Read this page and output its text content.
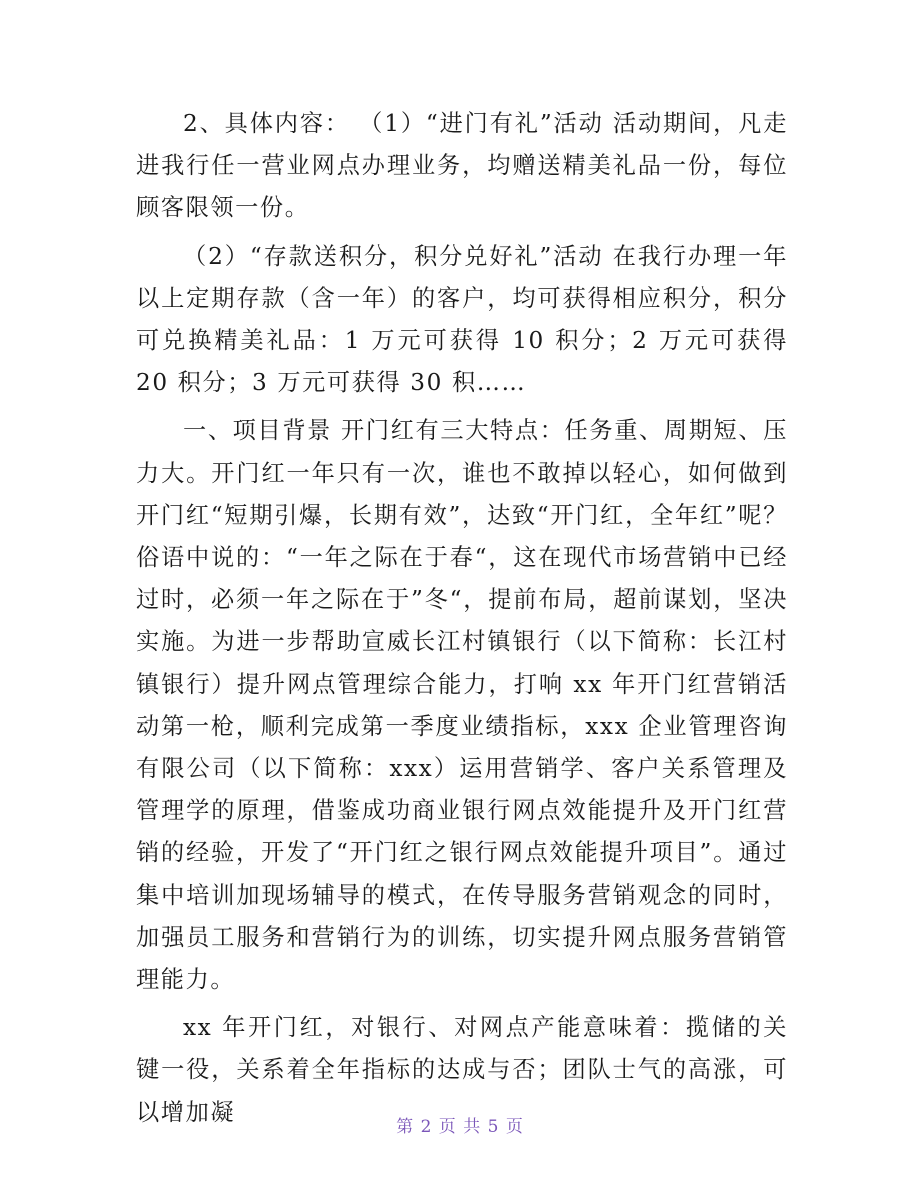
2、具体内容： （1）“进门有礼”活动 活动期间，凡走进我行任一营业网点办理业务，均赠送精美礼品一份，每位顾客限领一份。

（2）“存款送积分，积分兑好礼”活动 在我行办理一年以上定期存款（含一年）的客户，均可获得相应积分，积分可兑换精美礼品：1 万元可获得 10 积分；2 万元可获得 20 积分；3 万元可获得 30 积……

一、项目背景 开门红有三大特点：任务重、周期短、压力大。开门红一年只有一次，谁也不敢掉以轻心，如何做到开门红“短期引爆，长期有效”，达致“开门红，全年红”呢？俗语中说的：“一年之际在于春“，这在现代市场营销中已经过时，必须一年之际在于”冬“，提前布局，超前谋划，坚决实施。为进一步帮助宣威长江村镇银行（以下简称：长江村镇银行）提升网点管理综合能力，打响 xx 年开门红营销活动第一枪，顺利完成第一季度业绩指标，xxx 企业管理咨询有限公司（以下简称：xxx）运用营销学、客户关系管理及管理学的原理，借鉴成功商业银行网点效能提升及开门红营销的经验，开发了“开门红之银行网点效能提升项目”。通过集中培训加现场辅导的模式，在传导服务营销观念的同时，加强员工服务和营销行为的训练，切实提升网点服务营销管理能力。

xx 年开门红，对银行、对网点产能意味着：揽储的关键一役，关系着全年指标的达成与否；团队士气的高涨，可以增加凝

第 2 页 共 5 页
